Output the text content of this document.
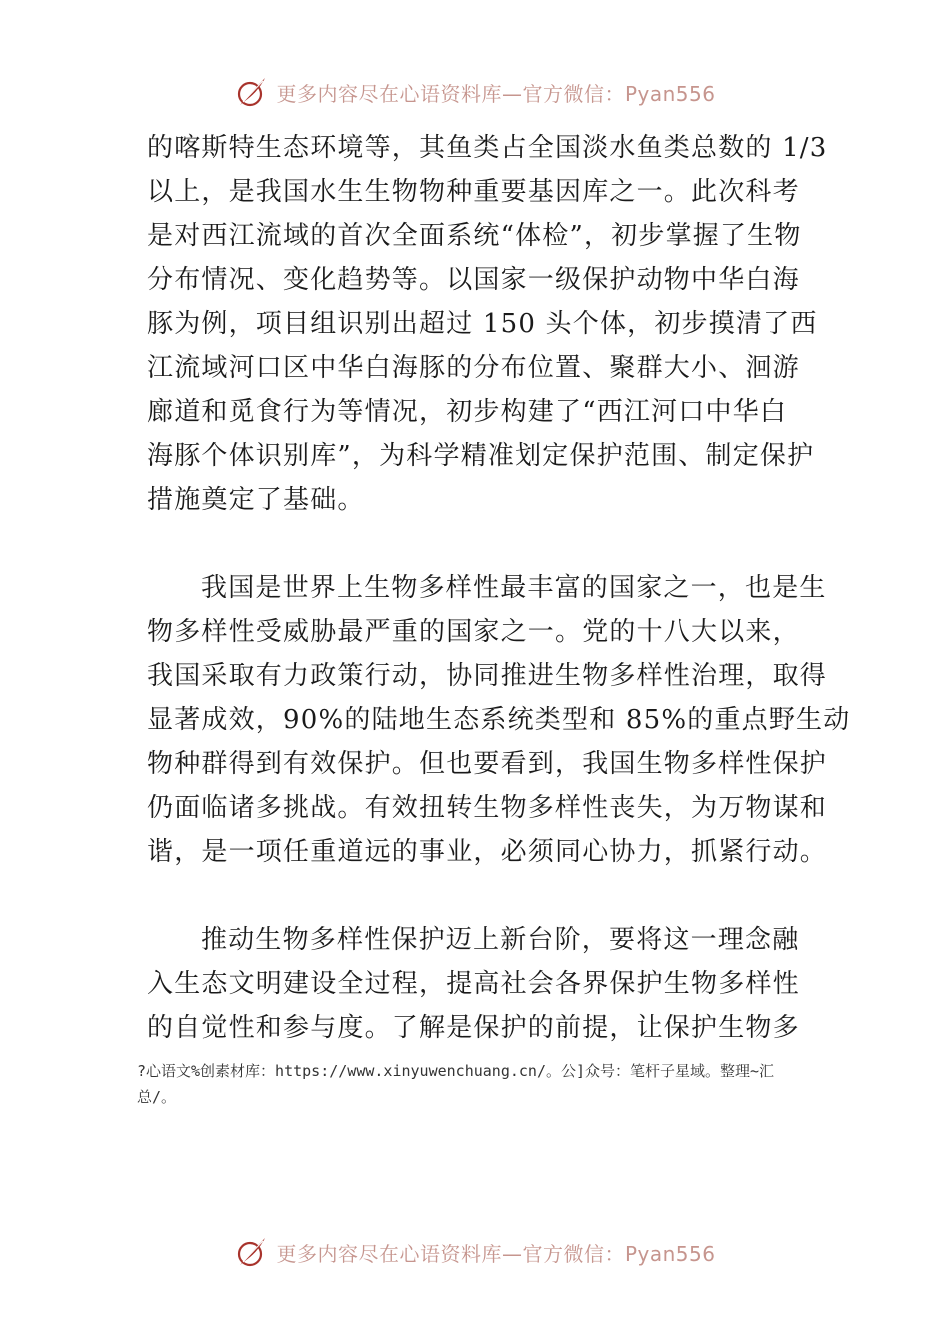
更多内容尽在心语资料库—官方微信：Pyan556
的喀斯特生态环境等，其鱼类占全国淡水鱼类总数的 1/3
以上，是我国水生生物物种重要基因库之一。此次科考
是对西江流域的首次全面系统“体检”，初步掌握了生物
分布情况、变化趋势等。以国家一级保护动物中华白海
豚为例，项目组识别出超过 150 头个体，初步摸清了西
江流域河口区中华白海豚的分布位置、聚群大小、洄游
廊道和觅食行为等情况，初步构建了“西江河口中华白
海豚个体识别库”，为科学精准划定保护范围、制定保护
措施奠定了基础。
我国是世界上生物多样性最丰富的国家之一，也是生
物多样性受威胁最严重的国家之一。党的十八大以来，
我国采取有力政策行动，协同推进生物多样性治理，取得
显著成效，90%的陆地生态系统类型和 85%的重点野生动
物种群得到有效保护。但也要看到，我国生物多样性保护
仍面临诸多挑战。有效扭转生物多样性丧失，为万物谋和
谐，是一项任重道远的事业，必须同心协力，抓紧行动。
推动生物多样性保护迈上新台阶，要将这一理念融
入生态文明建设全过程，提高社会各界保护生物多样性
的自觉性和参与度。了解是保护的前提，让保护生物多
?心语文%创素材库：https://www.xinyuwenchuang.cn/。公]众号：笔杆子星域。整理~汇
总/。
更多内容尽在心语资料库—官方微信：Pyan556
